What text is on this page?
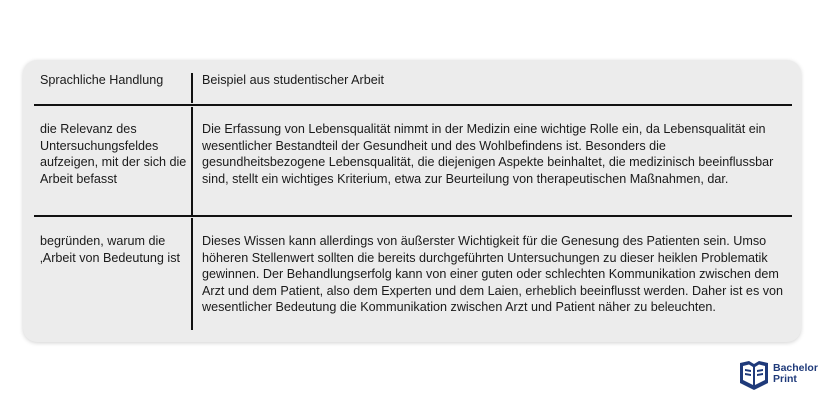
Sprachliche Handlung	Beispiel aus studentischer Arbeit
die Relevanz des Untersuchungsfeldes aufzeigen, mit der sich die Arbeit befasst
Die Erfassung von Lebensqualität nimmt in der Medizin eine wichtige Rolle ein, da Lebensqualität ein wesentlicher Bestandteil der Gesundheit und des Wohlbefindens ist. Besonders die gesundheitsbezogene Lebensqualität, die diejenigen Aspekte beinhaltet, die medizinisch beeinflussbar sind, stellt ein wichtiges Kriterium, etwa zur Beurteilung von therapeutischen Maßnahmen, dar.
begründen, warum die ‚Arbeit von Bedeutung ist
Dieses Wissen kann allerdings von äußerster Wichtigkeit für die Genesung des Patienten sein. Umso höheren Stellenwert sollten die bereits durchgeführten Untersuchungen zu dieser heiklen Problematik gewinnen. Der Behandlungserfolg kann von einer guten oder schlechten Kommunikation zwischen dem Arzt und dem Patient, also dem Experten und dem Laien, erheblich beeinflusst werden. Daher ist es von wesentlicher Bedeutung die Kommunikation zwischen Arzt und Patient näher zu beleuchten.
Bachelor
Print
